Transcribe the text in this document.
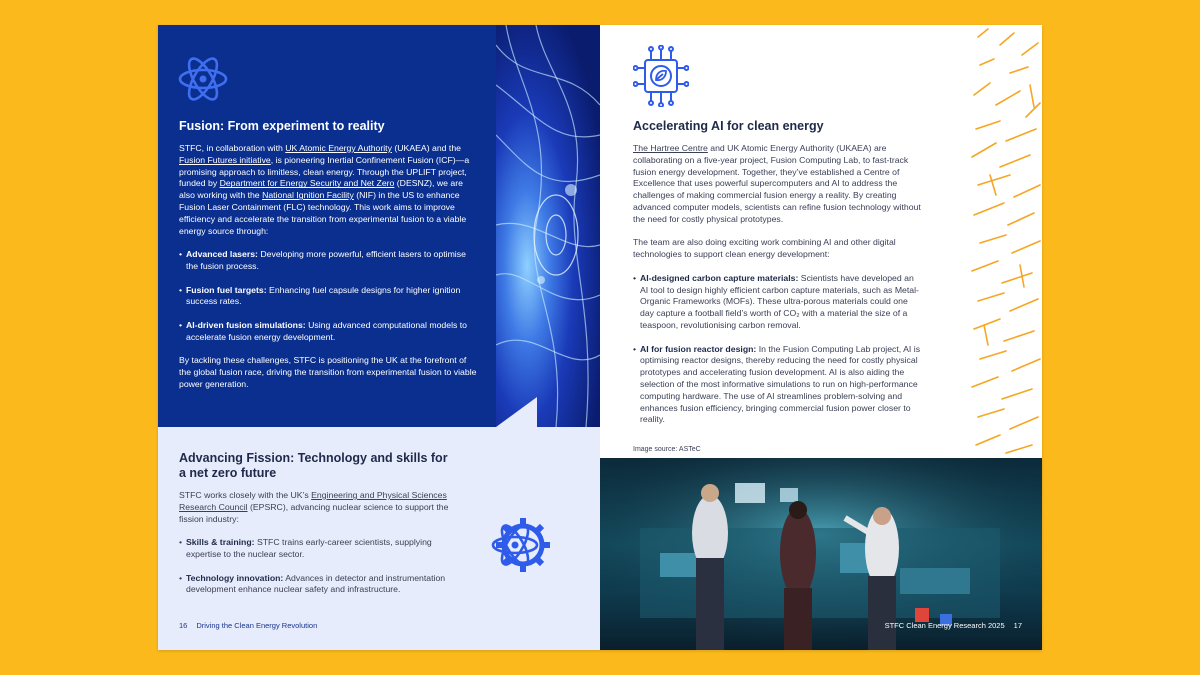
Fusion: From experiment to reality

STFC, in collaboration with UK Atomic Energy Authority (UKAEA) and the Fusion Futures initiative, is pioneering Inertial Confinement Fusion (ICF)—a promising approach to limitless, clean energy. Through the UPLIFT project, funded by Department for Energy Security and Net Zero (DESNZ), we are also working with the National Ignition Facility (NIF) in the US to enhance Fusion Laser Containment (FLC) technology. This work aims to improve efficiency and accelerate the transition from experimental fusion to a viable energy source through:

• Advanced lasers: Developing more powerful, efficient lasers to optimise the fusion process.
• Fusion fuel targets: Enhancing fuel capsule designs for higher ignition success rates.
• AI-driven fusion simulations: Using advanced computational models to accelerate fusion energy development.

By tackling these challenges, STFC is positioning the UK at the forefront of the global fusion race, driving the transition from experimental fusion to viable power generation.

Advancing Fission: Technology and skills for a net zero future

STFC works closely with the UK’s Engineering and Physical Sciences Research Council (EPSRC), advancing nuclear science to support the fission industry:

• Skills & training: STFC trains early-career scientists, supplying expertise to the nuclear sector.
• Technology innovation: Advances in detector and instrumentation development enhance nuclear safety and infrastructure.
16 Driving the Clean Energy Revolution
Accelerating AI for clean energy

The Hartree Centre and UK Atomic Energy Authority (UKAEA) are collaborating on a five-year project, Fusion Computing Lab, to fast-track fusion energy development. Together, they’ve established a Centre of Excellence that uses powerful supercomputers and AI to address the challenges of making commercial fusion energy a reality. By creating advanced computer models, scientists can refine fusion technology without the need for costly physical prototypes.

The team are also doing exciting work combining AI and other digital technologies to support clean energy development:

• AI-designed carbon capture materials: Scientists have developed an AI tool to design highly efficient carbon capture materials, such as Metal-Organic Frameworks (MOFs). These ultra-porous materials could one day capture a football field’s worth of CO₂ with a material the size of a teaspoon, revolutionising carbon removal.
• AI for fusion reactor design: In the Fusion Computing Lab project, AI is optimising reactor designs, thereby reducing the need for costly physical prototypes and accelerating fusion development. AI is also aiding the selection of the most informative simulations to run on high-performance computing hardware. The use of AI streamlines problem-solving and enhances fusion efficiency, bringing commercial fusion power closer to reality.
Image source: ASTeC
STFC Clean Energy Research 2025 17
